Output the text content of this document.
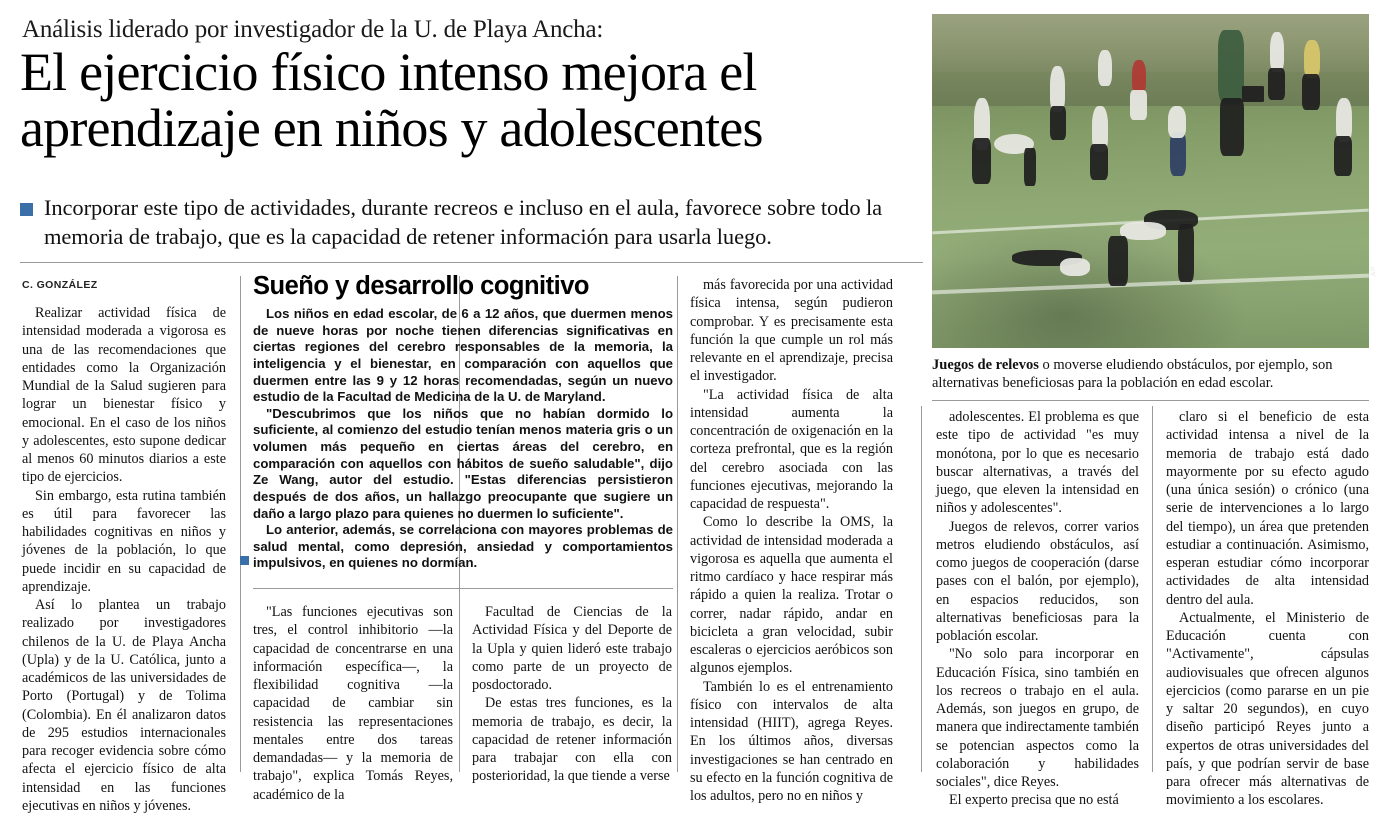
Análisis liderado por investigador de la U. de Playa Ancha:
El ejercicio físico intenso mejora el
aprendizaje en niños y adolescentes
Incorporar este tipo de actividades, durante recreos e incluso en el aula, favorece sobre todo la memoria de trabajo, que es la capacidad de retener información para usarla luego.
AP
Juegos de relevos o moverse eludiendo obstáculos, por ejemplo, son alternativas beneficiosas para la población en edad escolar.
C. GONZÁLEZ

Realizar actividad física de intensidad moderada a vigorosa es una de las recomendaciones que entidades como la Organización Mundial de la Salud sugieren para lograr un bienestar físico y emocional. En el caso de los niños y adolescentes, esto supone dedicar al menos 60 minutos diarios a este tipo de ejercicios.

Sin embargo, esta rutina también es útil para favorecer las habilidades cognitivas en niños y jóvenes de la población, lo que puede incidir en su capacidad de aprendizaje.

Así lo plantea un trabajo realizado por investigadores chilenos de la U. de Playa Ancha (Upla) y de la U. Católica, junto a académicos de las universidades de Porto (Portugal) y de Tolima (Colombia). En él analizaron datos de 295 estudios internacionales para recoger evidencia sobre cómo afecta el ejercicio físico de alta intensidad en las funciones ejecutivas en niños y jóvenes.

Sueño y desarrollo cognitivo

Los niños en edad escolar, de 6 a 12 años, que duermen menos de nueve horas por noche tienen diferencias significativas en ciertas regiones del cerebro responsables de la memoria, la inteligencia y el bienestar, en comparación con aquellos que duermen entre las 9 y 12 horas recomendadas, según un nuevo estudio de la Facultad de Medicina de la U. de Maryland.

"Descubrimos que los niños que no habían dormido lo suficiente, al comienzo del estudio tenían menos materia gris o un volumen más pequeño en ciertas áreas del cerebro, en comparación con aquellos con hábitos de sueño saludable", dijo Ze Wang, autor del estudio. "Estas diferencias persistieron después de dos años, un hallazgo preocupante que sugiere un daño a largo plazo para quienes no duermen lo suficiente".

Lo anterior, además, se correlaciona con mayores problemas de salud mental, como depresión, ansiedad y comportamientos impulsivos, en quienes no dormían.

"Las funciones ejecutivas son tres, el control inhibitorio —la capacidad de concentrarse en una información específica—, la flexibilidad cognitiva —la capacidad de cambiar sin resistencia las representaciones mentales entre dos tareas demandadas— y la memoria de trabajo", explica Tomás Reyes, académico de la

Facultad de Ciencias de la Actividad Física y del Deporte de la Upla y quien lideró este trabajo como parte de un proyecto de posdoctorado.

De estas tres funciones, es la memoria de trabajo, es decir, la capacidad de retener información para trabajar con ella con posterioridad, la que tiende a verse

más favorecida por una actividad física intensa, según pudieron comprobar. Y es precisamente esta función la que cumple un rol más relevante en el aprendizaje, precisa el investigador.

"La actividad física de alta intensidad aumenta la concentración de oxigenación en la corteza prefrontal, que es la región del cerebro asociada con las funciones ejecutivas, mejorando la capacidad de respuesta".

Como lo describe la OMS, la actividad de intensidad moderada a vigorosa es aquella que aumenta el ritmo cardíaco y hace respirar más rápido a quien la realiza. Trotar o correr, nadar rápido, andar en bicicleta a gran velocidad, subir escaleras o ejercicios aeróbicos son algunos ejemplos.

También lo es el entrenamiento físico con intervalos de alta intensidad (HIIT), agrega Reyes. En los últimos años, diversas investigaciones se han centrado en su efecto en la función cognitiva de los adultos, pero no en niños y

adolescentes. El problema es que este tipo de actividad "es muy monótona, por lo que es necesario buscar alternativas, a través del juego, que eleven la intensidad en niños y adolescentes".

Juegos de relevos, correr varios metros eludiendo obstáculos, así como juegos de cooperación (darse pases con el balón, por ejemplo), en espacios reducidos, son alternativas beneficiosas para la población escolar.

"No solo para incorporar en Educación Física, sino también en los recreos o trabajo en el aula. Además, son juegos en grupo, de manera que indirectamente también se potencian aspectos como la colaboración y habilidades sociales", dice Reyes.

El experto precisa que no está

claro si el beneficio de esta actividad intensa a nivel de la memoria de trabajo está dado mayormente por su efecto agudo (una única sesión) o crónico (una serie de intervenciones a lo largo del tiempo), un área que pretenden estudiar a continuación. Asimismo, esperan estudiar cómo incorporar actividades de alta intensidad dentro del aula.

Actualmente, el Ministerio de Educación cuenta con "Activamente", cápsulas audiovisuales que ofrecen algunos ejercicios (como pararse en un pie y saltar 20 segundos), en cuyo diseño participó Reyes junto a expertos de otras universidades del país, y que podrían servir de base para ofrecer más alternativas de movimiento a los escolares.
